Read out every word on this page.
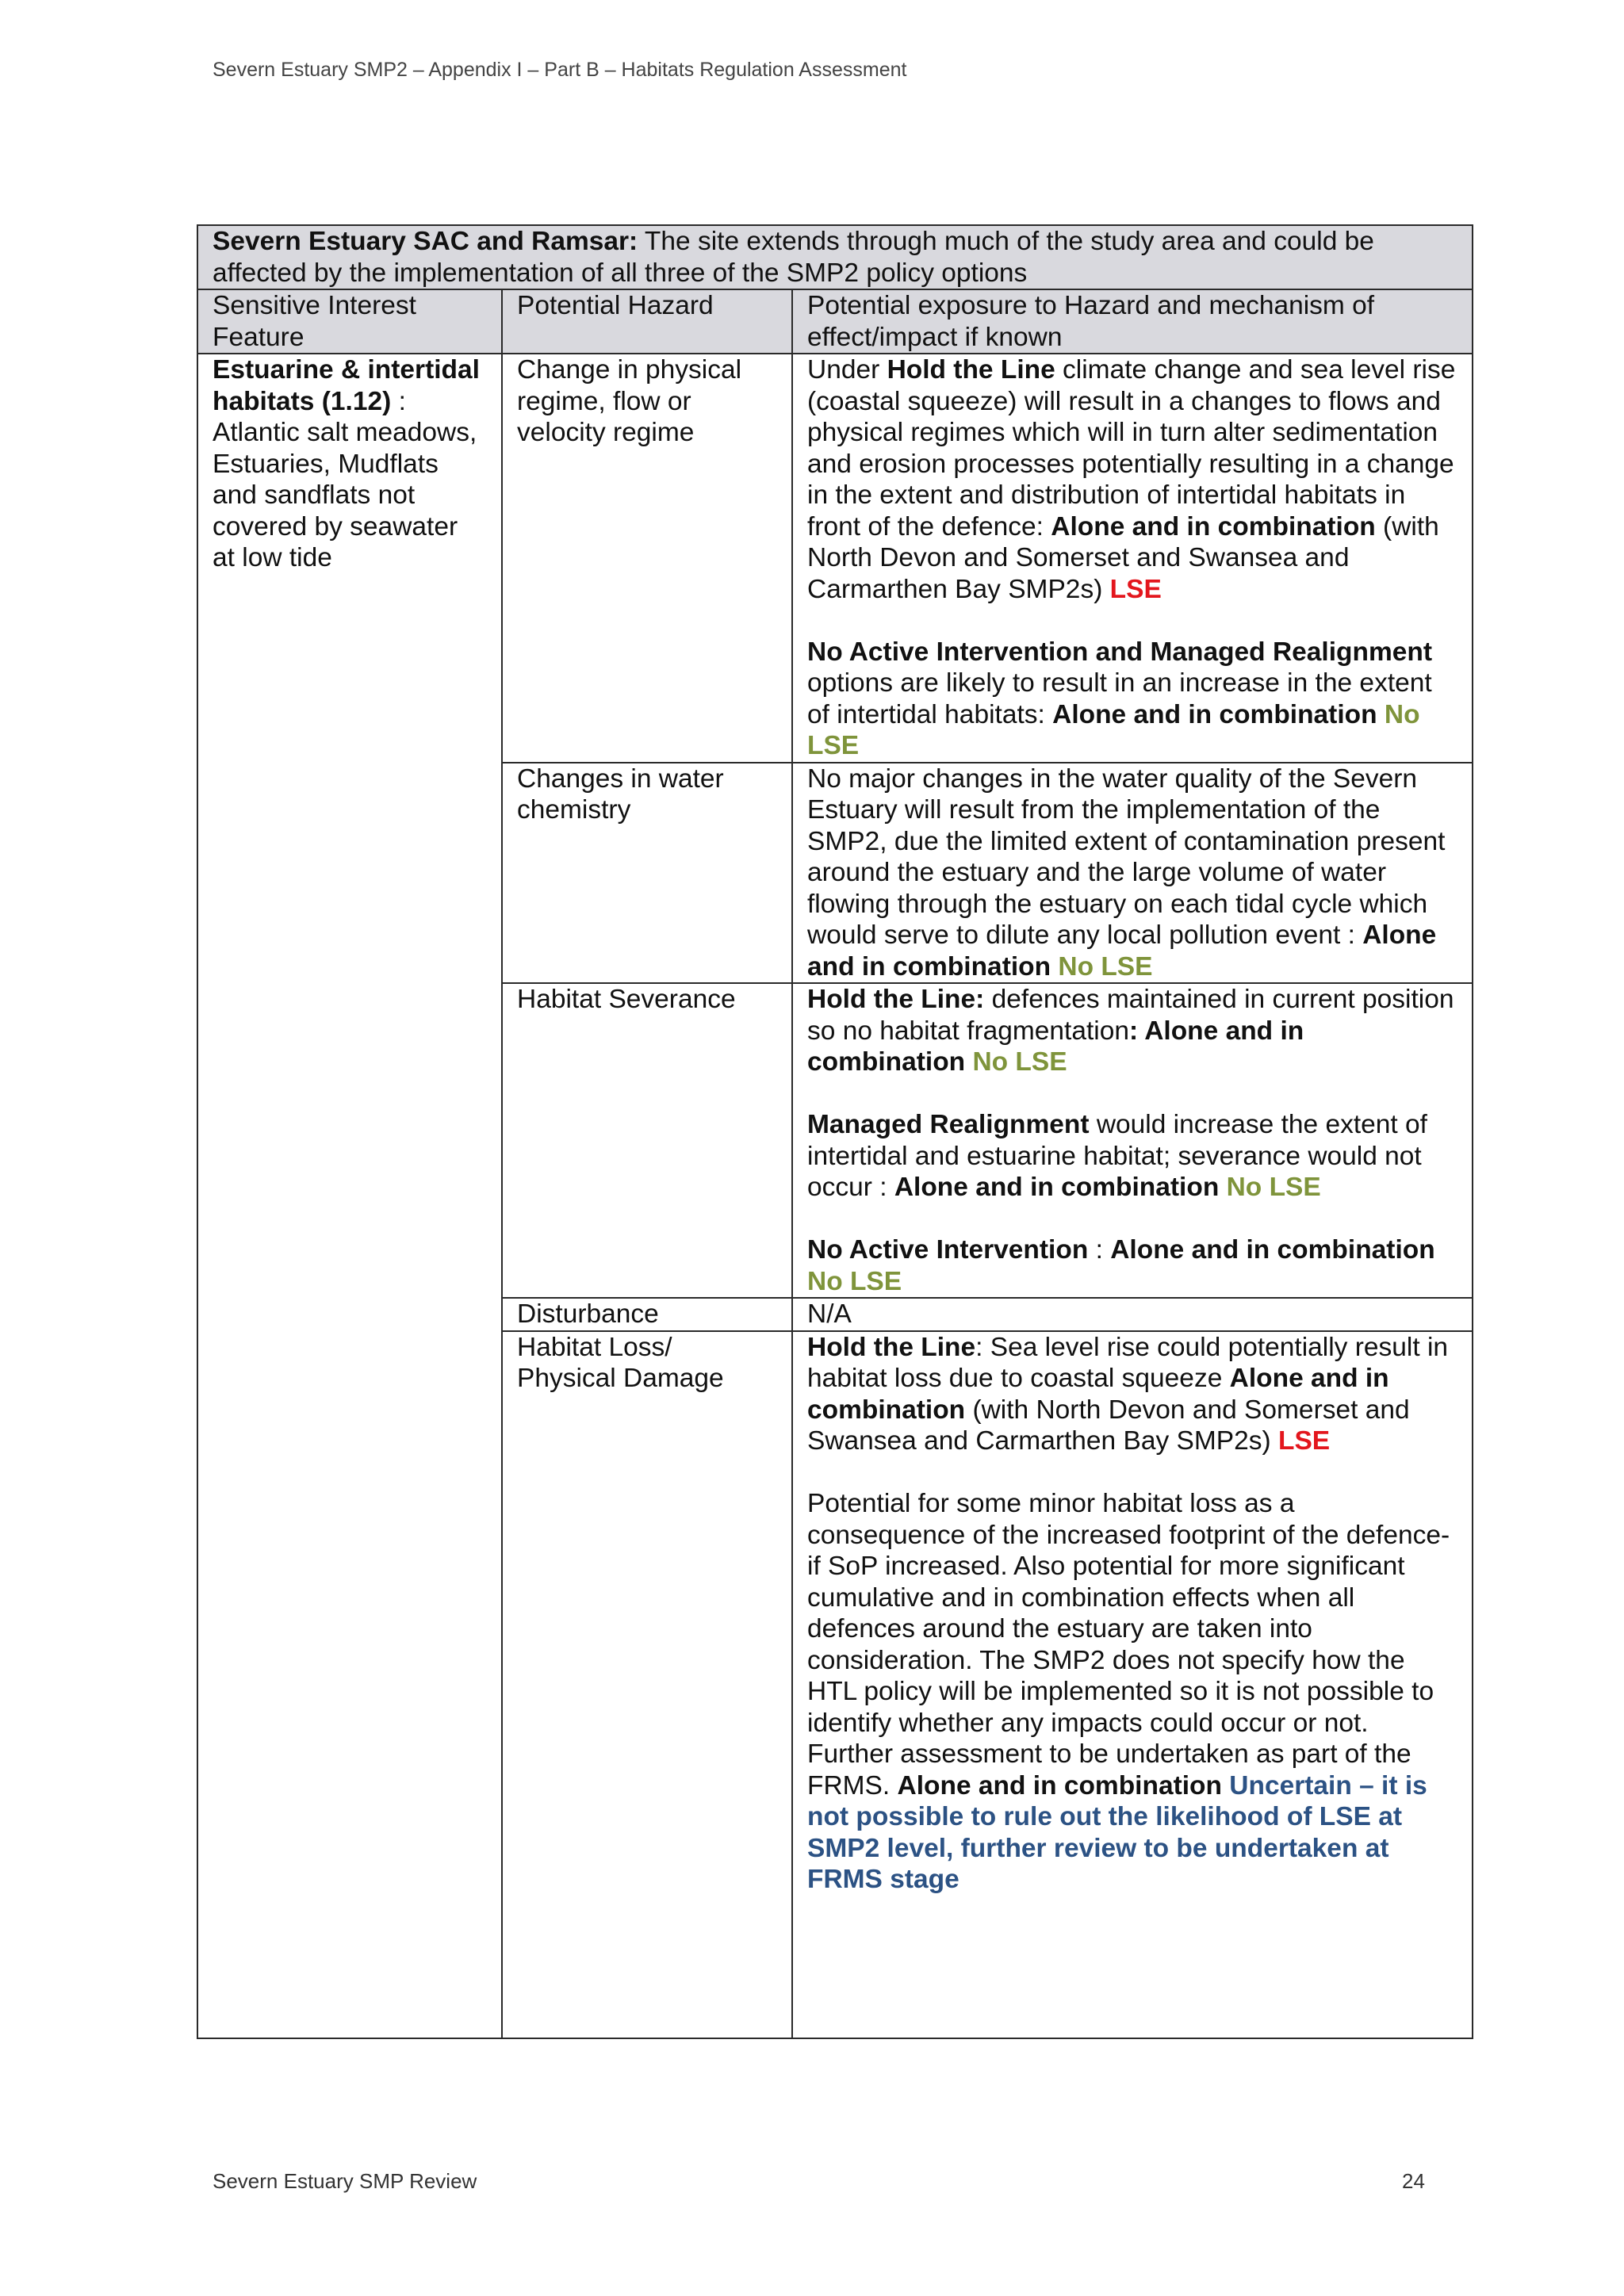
Severn Estuary SMP2 – Appendix I – Part B – Habitats Regulation Assessment
Severn Estuary SAC and Ramsar: The site extends through much of the study area and could be affected by the implementation of all three of the SMP2 policy options		
Sensitive Interest Feature	Potential Hazard	Potential exposure to Hazard and mechanism of effect/impact if known
Estuarine & intertidal habitats (1.12) :
Atlantic salt meadows, Estuaries, Mudflats and sandflats not covered by seawater at low tide	Change in physical regime, flow or velocity regime	Under Hold the Line climate change and sea level rise (coastal squeeze) will result in a changes to flows and physical regimes which will in turn alter sedimentation and erosion processes potentially resulting in a change in the extent and distribution of intertidal habitats in front of the defence: Alone and in combination (with North Devon and Somerset and Swansea and Carmarthen Bay SMP2s) LSE
No Active Intervention and Managed Realignment options are likely to result in an increase in the extent of intertidal habitats: Alone and in combination No LSE
	Changes in water chemistry	No major changes in the water quality of the Severn Estuary will result from the implementation of the SMP2, due the limited extent of contamination present around the estuary and the large volume of water flowing through the estuary on each tidal cycle which would serve to dilute any local pollution event : Alone and in combination No LSE
	Habitat Severance	Hold the Line: defences maintained in current position so no habitat fragmentation: Alone and in combination No LSE
Managed Realignment would increase the extent of intertidal and estuarine habitat; severance would not occur : Alone and in combination No LSE
No Active Intervention : Alone and in combination No LSE
	Disturbance	N/A
	Habitat Loss/ Physical Damage	Hold the Line: Sea level rise could potentially result in habitat loss due to coastal squeeze Alone and in combination (with North Devon and Somerset and Swansea and Carmarthen Bay SMP2s) LSE
Potential for some minor habitat loss as a consequence of the increased footprint of the defence- if SoP increased. Also potential for more significant cumulative and in combination effects when all defences around the estuary are taken into consideration. The SMP2 does not specify how the HTL policy will be implemented so it is not possible to identify whether any impacts could occur or not. Further assessment to be undertaken as part of the FRMS. Alone and in combination Uncertain – it is not possible to rule out the likelihood of LSE at SMP2 level, further review to be undertaken at FRMS stage
Severn Estuary SMP Review	24
